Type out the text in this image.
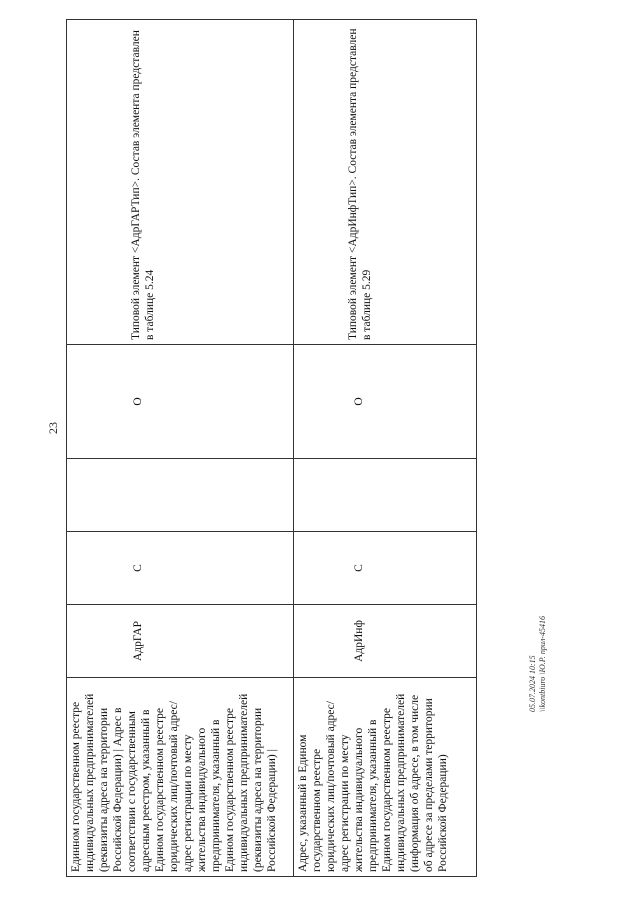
23
Единном государственном реестре индивидуальных предпринимателей (реквизиты адреса на территории Российской Федерации) | Адрес в соответствии с государственным адресным реестром, указанный в Едином государственном реестре юридических лиц/почтовый адрес/адрес регистрации по месту жительства индивидуального предпринимателя, указанный в Едином государственном реестре индивидуальных предпринимателей (реквизиты адреса на территории Российской Федерации) |	АдрГАР	С		О	Типовой элемент <АдрГАРТип>. Состав элемента представлен в таблице 5.24

Адрес, указанный в Едином государственном реестре юридических лиц/почтовый адрес/адрес регистрации по месту жительства индивидуального предпринимателя, указанный в Едином государственном реестре индивидуальных предпринимателей (информация об адресе, в том числе об адресе за пределами территории Российской Федерации)	АдрИнф	С		О	Типовой элемент <АдрИнфТип>. Состав элемента представлен в таблице 5.29
05.07.2024 10:15 \\kontbiuro \Ю.Р. прил-45416
